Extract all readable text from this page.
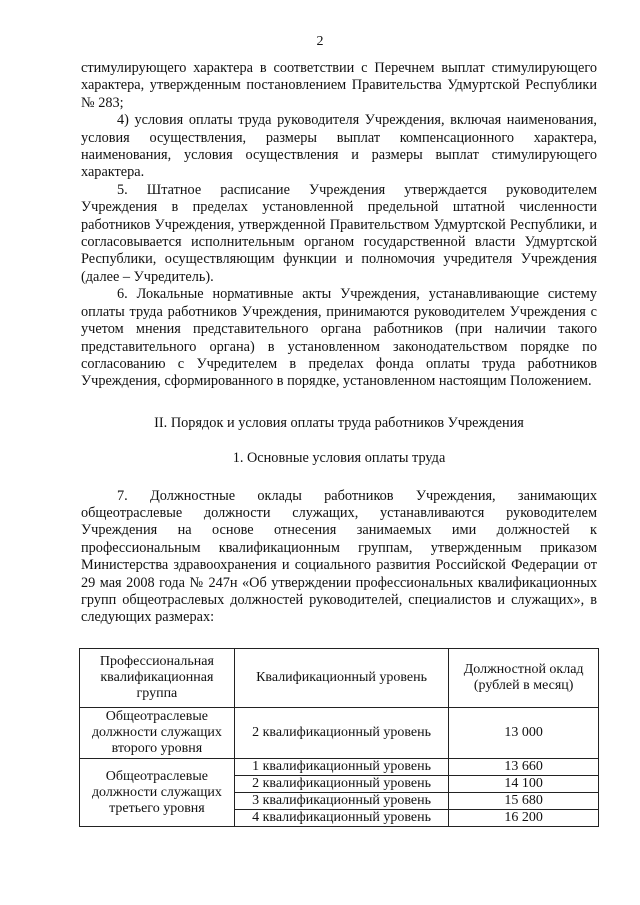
2

стимулирующего характера в соответствии с Перечнем выплат стимулирующего характера, утвержденным постановлением Правительства Удмуртской Республики № 283;

4) условия оплаты труда руководителя Учреждения, включая наименования, условия осуществления, размеры выплат компенсационного характера, наименования, условия осуществления и размеры выплат стимулирующего характера.

5. Штатное расписание Учреждения утверждается руководителем Учреждения в пределах установленной предельной штатной численности работников Учреждения, утвержденной Правительством Удмуртской Республики, и согласовывается исполнительным органом государственной власти Удмуртской Республики, осуществляющим функции и полномочия учредителя Учреждения (далее – Учредитель).

6. Локальные нормативные акты Учреждения, устанавливающие систему оплаты труда работников Учреждения, принимаются руководителем Учреждения с учетом мнения представительного органа работников (при наличии такого представительного органа) в установленном законодательством порядке по согласованию с Учредителем в пределах фонда оплаты труда работников Учреждения, сформированного в порядке, установленном настоящим Положением.

II. Порядок и условия оплаты труда работников Учреждения

1. Основные условия оплаты труда

7. Должностные оклады работников Учреждения, занимающих общеотраслевые должности служащих, устанавливаются руководителем Учреждения на основе отнесения занимаемых ими должностей к профессиональным квалификационным группам, утвержденным приказом Министерства здравоохранения и социального развития Российской Федерации от 29 мая 2008 года № 247н «Об утверждении профессиональных квалификационных групп общеотраслевых должностей руководителей, специалистов и служащих», в следующих размерах:

Профессиональная квалификационная группа	Квалификационный уровень	Должностной оклад (рублей в месяц)
Общеотраслевые должности служащих второго уровня	2 квалификационный уровень	13 000
Общеотраслевые должности служащих третьего уровня	1 квалификационный уровень	13 660
	2 квалификационный уровень	14 100
	3 квалификационный уровень	15 680
	4 квалификационный уровень	16 200
